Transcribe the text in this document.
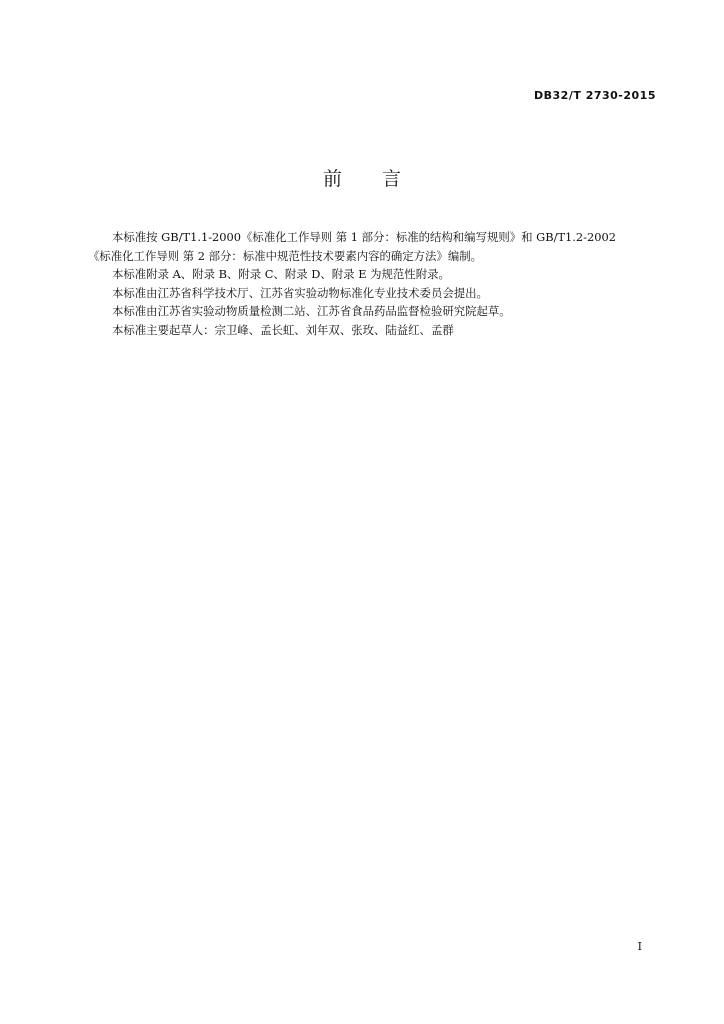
DB32/T 2730-2015
前言

本标准按 GB/T1.1-2000《标准化工作导则 第 1 部分：标准的结构和编写规则》和 GB/T1.2-2002

《标准化工作导则 第 2 部分：标准中规范性技术要素内容的确定方法》编制。

本标准附录 A、附录 B、附录 C、附录 D、附录 E 为规范性附录。

本标准由江苏省科学技术厅、江苏省实验动物标准化专业技术委员会提出。

本标准由江苏省实验动物质量检测二站、江苏省食品药品监督检验研究院起草。

本标准主要起草人：宗卫峰、孟长虹、刘年双、张玫、陆益红、孟群

I
